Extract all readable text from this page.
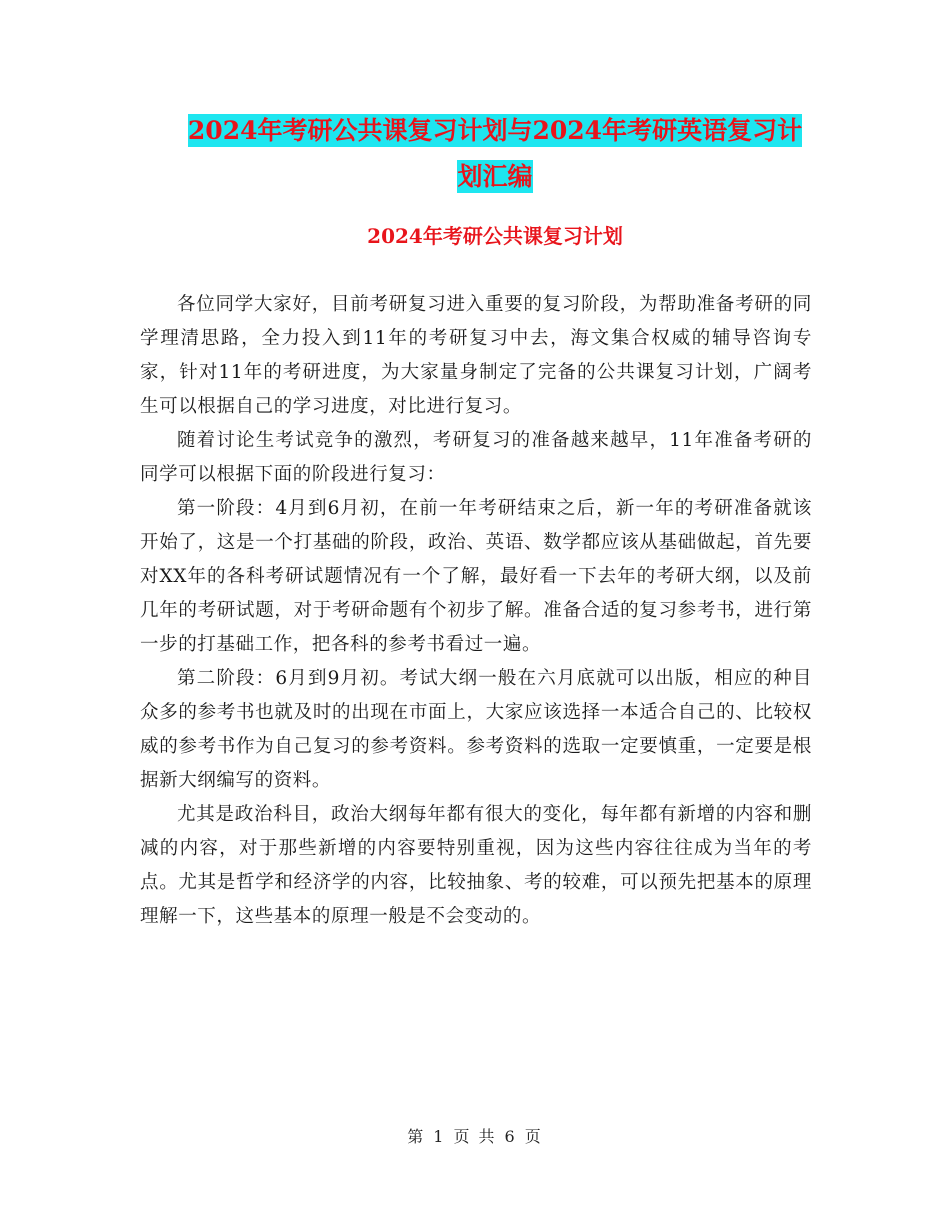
2024年考研公共课复习计划与2024年考研英语复习计
划汇编
2024年考研公共课复习计划

各位同学大家好，目前考研复习进入重要的复习阶段，为帮助准备考研的同学理清思路，全力投入到11年的考研复习中去，海文集合权威的辅导咨询专家，针对11年的考研进度，为大家量身制定了完备的公共课复习计划，广阔考生可以根据自己的学习进度，对比进行复习。

随着讨论生考试竞争的激烈，考研复习的准备越来越早，11年准备考研的同学可以根据下面的阶段进行复习：

第一阶段：4月到6月初，在前一年考研结束之后，新一年的考研准备就该开始了，这是一个打基础的阶段，政治、英语、数学都应该从基础做起，首先要对XX年的各科考研试题情况有一个了解，最好看一下去年的考研大纲，以及前几年的考研试题，对于考研命题有个初步了解。准备合适的复习参考书，进行第一步的打基础工作，把各科的参考书看过一遍。

第二阶段：6月到9月初。考试大纲一般在六月底就可以出版，相应的种目众多的参考书也就及时的出现在市面上，大家应该选择一本适合自己的、比较权威的参考书作为自己复习的参考资料。参考资料的选取一定要慎重，一定要是根据新大纲编写的资料。

尤其是政治科目，政治大纲每年都有很大的变化，每年都有新增的内容和删减的内容，对于那些新增的内容要特别重视，因为这些内容往往成为当年的考点。尤其是哲学和经济学的内容，比较抽象、考的较难，可以预先把基本的原理理解一下，这些基本的原理一般是不会变动的。

第 1 页 共 6 页
